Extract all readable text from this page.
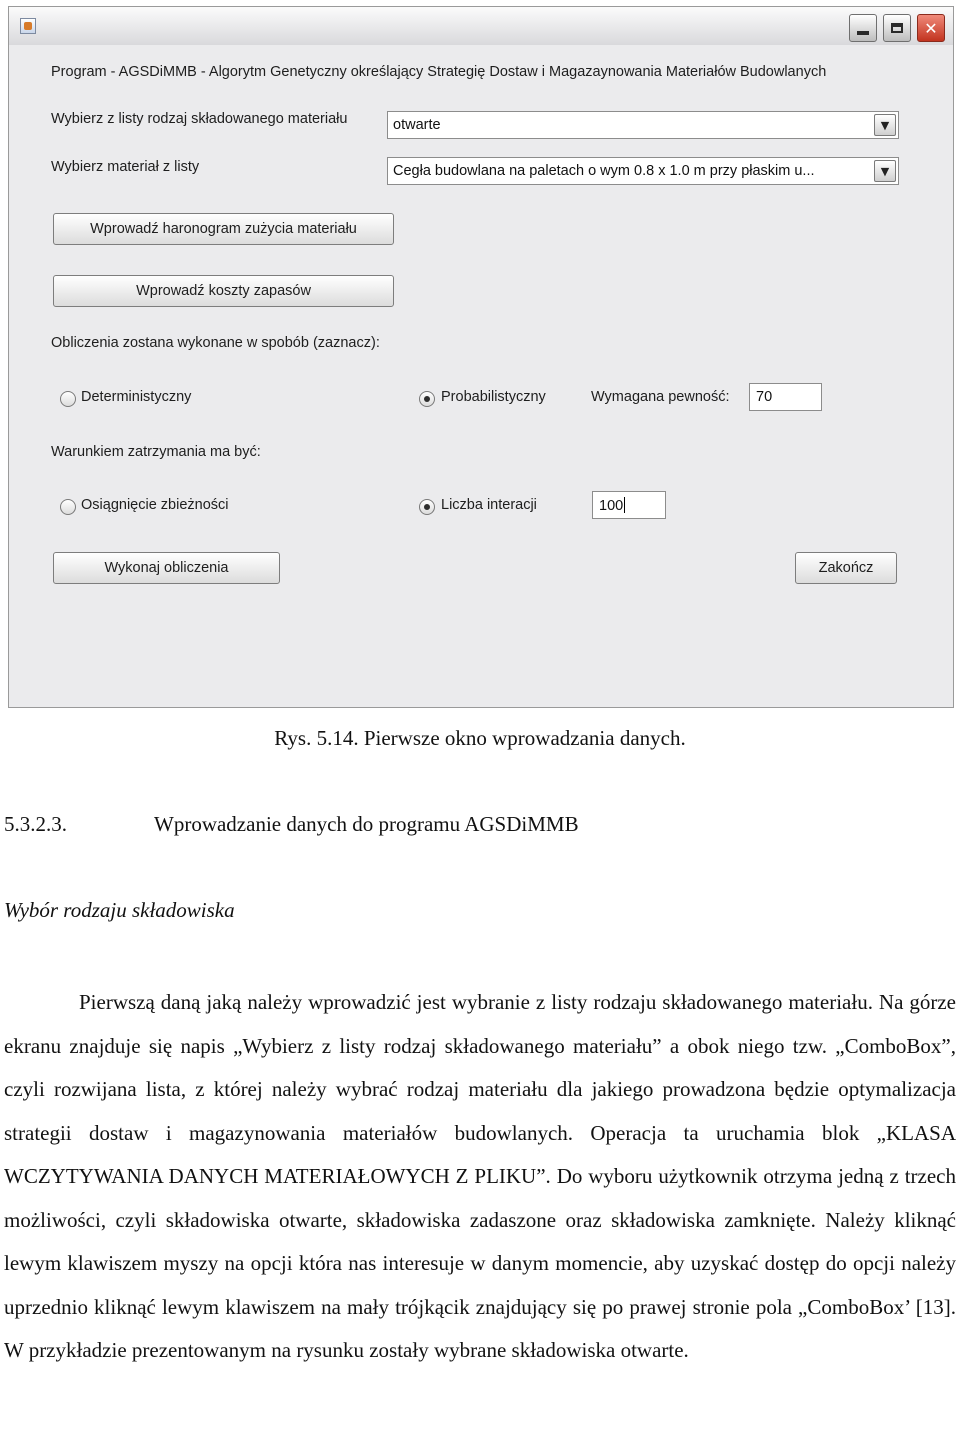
✕
Program - AGSDiMMB - Algorytm Genetyczny określający Strategię Dostaw i Magazaynowania Materiałów Budowlanych
Wybierz z listy rodzaj składowanego materiału	otwarte	▼
Wybierz materiał z listy	Cegła budowlana na paletach o wym 0.8 x 1.0 m przy płaskim u...	▼
Wprowadź haronogram zużycia materiału
Wprowadź koszty zapasów
Obliczenia zostana wykonane w spobób (zaznacz):
Deterministyczny	Probabilistyczny	Wymagana pewność:	70
Warunkiem zatrzymania ma być:
Osiągnięcie zbieżności	Liczba interacji	100
Wykonaj obliczenia	Zakończ
Rys. 5.14. Pierwsze okno wprowadzania danych.
5.3.2.3.	Wprowadzanie danych do programu AGSDiMMB
Wybór rodzaju składowiska
Pierwszą daną jaką należy wprowadzić jest wybranie z listy rodzaju składowanego materiału. Na górze ekranu znajduje się napis „Wybierz z listy rodzaj składowanego materiału” a obok niego tzw. „ComboBox”, czyli rozwijana lista, z której należy wybrać rodzaj materiału dla jakiego prowadzona będzie optymalizacja strategii dostaw i magazynowania materiałów budowlanych. Operacja ta uruchamia blok „KLASA WCZYTYWANIA DANYCH MATERIAŁOWYCH Z PLIKU”. Do wyboru użytkownik otrzyma jedną z trzech możliwości, czyli składowiska otwarte, składowiska zadaszone oraz składowiska zamknięte. Należy kliknąć lewym klawiszem myszy na opcji która nas interesuje w danym momencie, aby uzyskać dostęp do opcji należy uprzednio kliknąć lewym klawiszem na mały trójkącik znajdujący się po prawej stronie pola „ComboBox’ [13]. W przykładzie prezentowanym na rysunku zostały wybrane składowiska otwarte.
